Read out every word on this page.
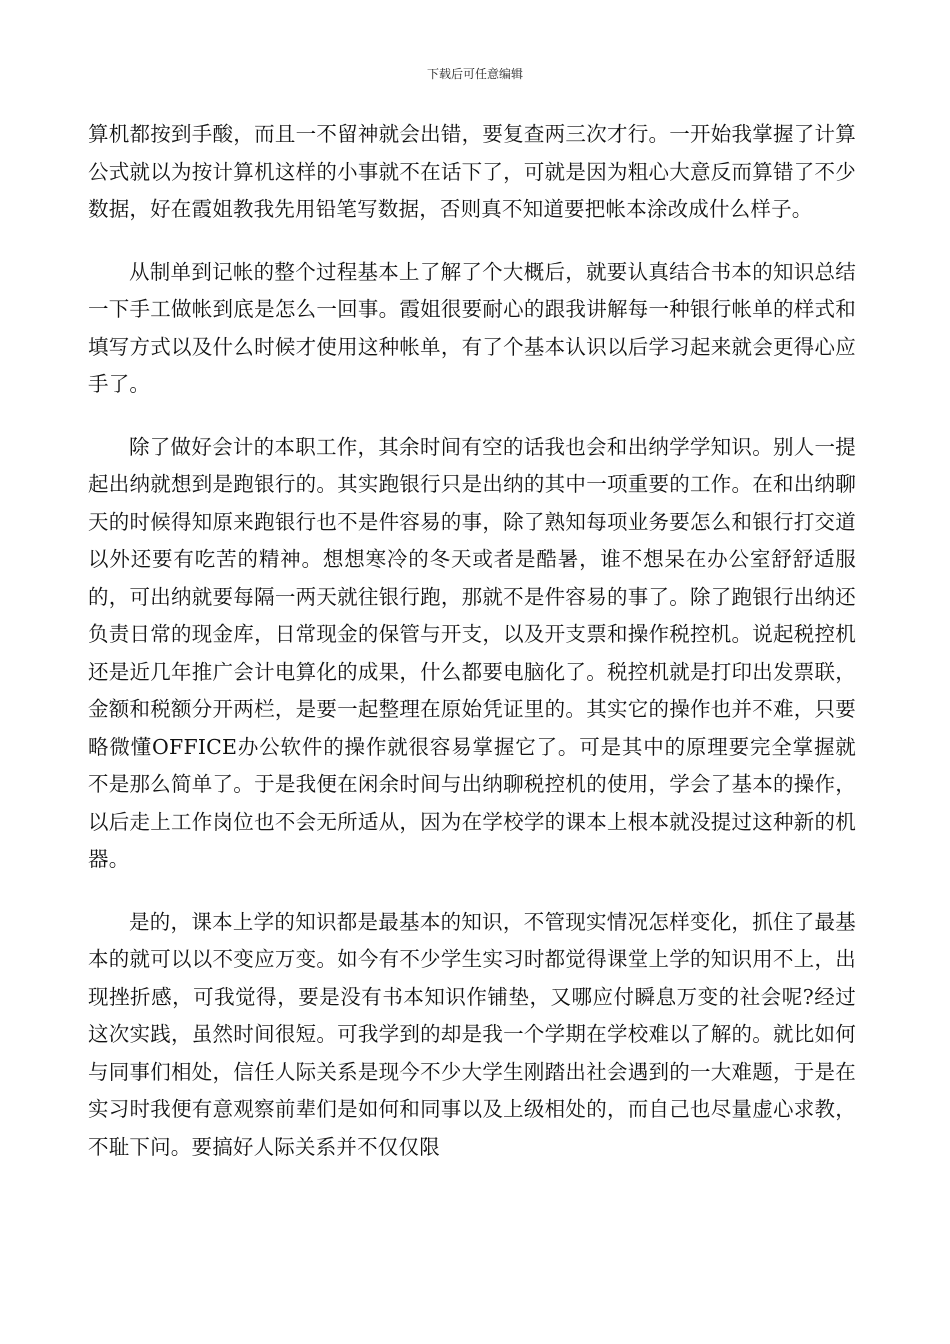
下载后可任意编辑

算机都按到手酸，而且一不留神就会出错，要复查两三次才行。一开始我掌握了计算公式就以为按计算机这样的小事就不在话下了，可就是因为粗心大意反而算错了不少数据，好在霞姐教我先用铅笔写数据，否则真不知道要把帐本涂改成什么样子。

从制单到记帐的整个过程基本上了解了个大概后，就要认真结合书本的知识总结一下手工做帐到底是怎么一回事。霞姐很要耐心的跟我讲解每一种银行帐单的样式和填写方式以及什么时候才使用这种帐单，有了个基本认识以后学习起来就会更得心应手了。

除了做好会计的本职工作，其余时间有空的话我也会和出纳学学知识。别人一提起出纳就想到是跑银行的。其实跑银行只是出纳的其中一项重要的工作。在和出纳聊天的时候得知原来跑银行也不是件容易的事，除了熟知每项业务要怎么和银行打交道以外还要有吃苦的精神。想想寒冷的冬天或者是酷暑，谁不想呆在办公室舒舒适服的，可出纳就要每隔一两天就往银行跑，那就不是件容易的事了。除了跑银行出纳还负责日常的现金库，日常现金的保管与开支，以及开支票和操作税控机。说起税控机还是近几年推广会计电算化的成果，什么都要电脑化了。税控机就是打印出发票联，金额和税额分开两栏，是要一起整理在原始凭证里的。其实它的操作也并不难，只要略微懂OFFICE办公软件的操作就很容易掌握它了。可是其中的原理要完全掌握就不是那么简单了。于是我便在闲余时间与出纳聊税控机的使用，学会了基本的操作，以后走上工作岗位也不会无所适从，因为在学校学的课本上根本就没提过这种新的机器。

是的，课本上学的知识都是最基本的知识，不管现实情况怎样变化，抓住了最基本的就可以以不变应万变。如今有不少学生实习时都觉得课堂上学的知识用不上，出现挫折感，可我觉得，要是没有书本知识作铺垫，又哪应付瞬息万变的社会呢?经过这次实践，虽然时间很短。可我学到的却是我一个学期在学校难以了解的。就比如何与同事们相处，信任人际关系是现今不少大学生刚踏出社会遇到的一大难题，于是在实习时我便有意观察前辈们是如何和同事以及上级相处的，而自己也尽量虚心求教，不耻下问。要搞好人际关系并不仅仅限
